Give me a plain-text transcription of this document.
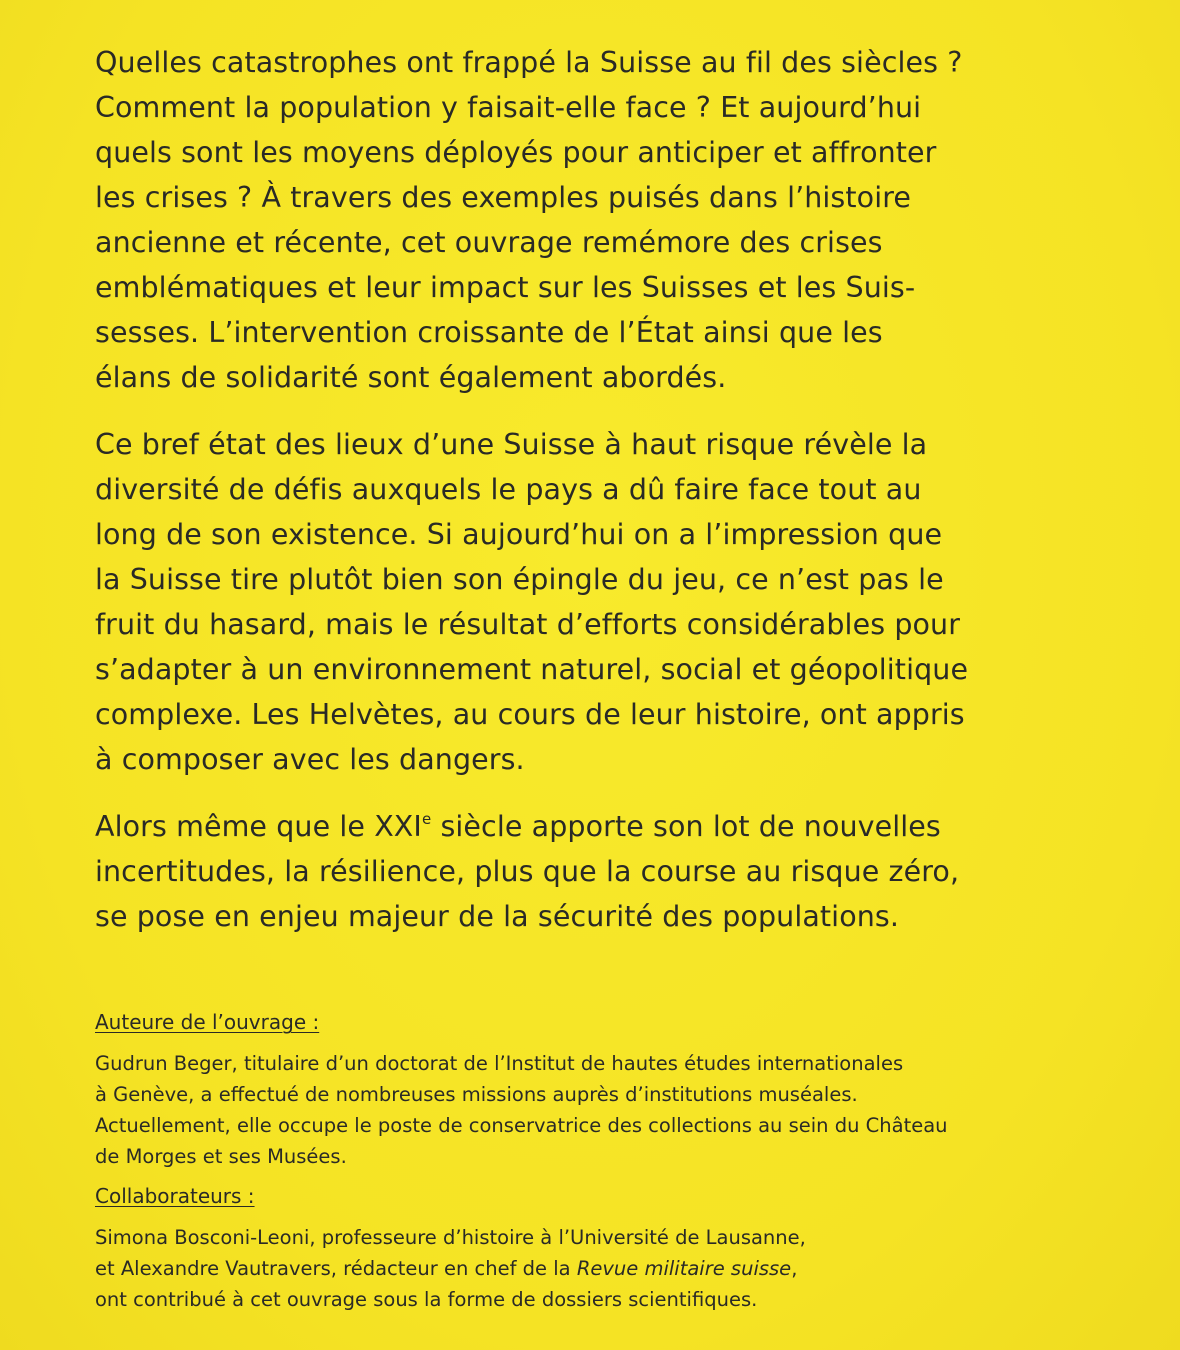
Quelles catastrophes ont frappé la Suisse au fil des siècles ?
Comment la population y faisait-elle face ? Et aujourd’hui
quels sont les moyens déployés pour anticiper et affronter
les crises ? À travers des exemples puisés dans l’histoire
ancienne et récente, cet ouvrage remémore des crises
emblématiques et leur impact sur les Suisses et les Suis-
sesses. L’intervention croissante de l’État ainsi que les
élans de solidarité sont également abordés.

Ce bref état des lieux d’une Suisse à haut risque révèle la
diversité de défis auxquels le pays a dû faire face tout au
long de son existence. Si aujourd’hui on a l’impression que
la Suisse tire plutôt bien son épingle du jeu, ce n’est pas le
fruit du hasard, mais le résultat d’efforts considérables pour
s’adapter à un environnement naturel, social et géopolitique
complexe. Les Helvètes, au cours de leur histoire, ont appris
à composer avec les dangers.

Alors même que le XXIe siècle apporte son lot de nouvelles
incertitudes, la résilience, plus que la course au risque zéro,
se pose en enjeu majeur de la sécurité des populations.

Auteure de l’ouvrage :

Gudrun Beger, titulaire d’un doctorat de l’Institut de hautes études internationales
à Genève, a effectué de nombreuses missions auprès d’institutions muséales.
Actuellement, elle occupe le poste de conservatrice des collections au sein du Château
de Morges et ses Musées.

Collaborateurs :

Simona Bosconi-Leoni, professeure d’histoire à l’Université de Lausanne,
et Alexandre Vautravers, rédacteur en chef de la Revue militaire suisse,
ont contribué à cet ouvrage sous la forme de dossiers scientifiques.
